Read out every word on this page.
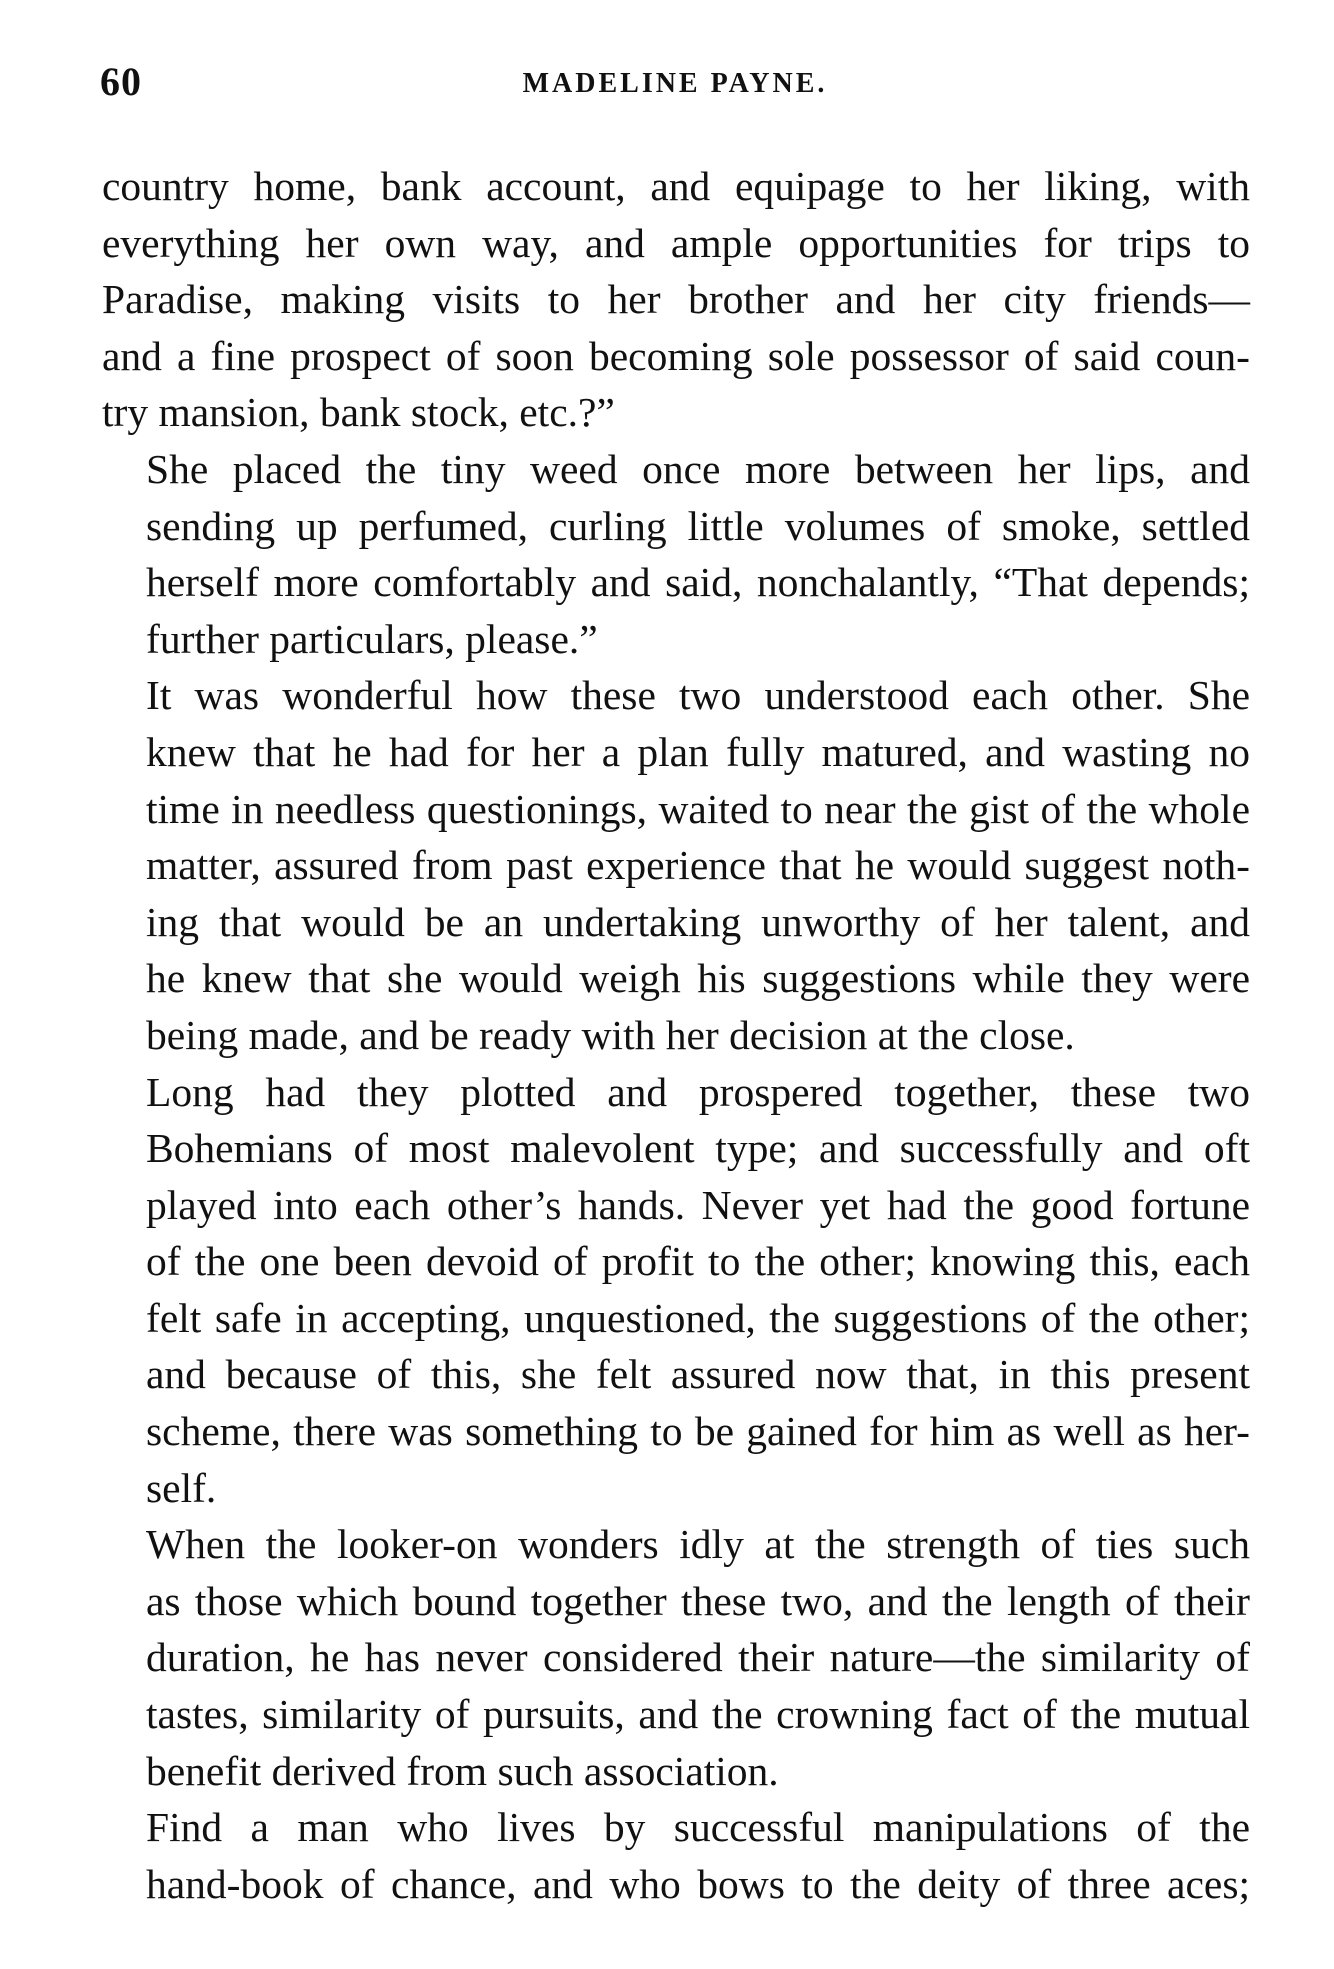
60	MADELINE PAYNE.

country home, bank account, and equipage to her liking, with
everything her own way, and ample opportunities for trips to
Paradise, making visits to her brother and her city friends—
and a fine prospect of soon becoming sole possessor of said coun-
try mansion, bank stock, etc.?”

She placed the tiny weed once more between her lips, and
sending up perfumed, curling little volumes of smoke, settled
herself more comfortably and said, nonchalantly, “That depends;
further particulars, please.”

It was wonderful how these two understood each other. She
knew that he had for her a plan fully matured, and wasting no
time in needless questionings, waited to near the gist of the whole
matter, assured from past experience that he would suggest noth-
ing that would be an undertaking unworthy of her talent, and
he knew that she would weigh his suggestions while they were
being made, and be ready with her decision at the close.

Long had they plotted and prospered together, these two
Bohemians of most malevolent type; and successfully and oft
played into each other’s hands. Never yet had the good fortune
of the one been devoid of profit to the other; knowing this, each
felt safe in accepting, unquestioned, the suggestions of the other;
and because of this, she felt assured now that, in this present
scheme, there was something to be gained for him as well as her-
self.

When the looker-on wonders idly at the strength of ties such
as those which bound together these two, and the length of their
duration, he has never considered their nature—the similarity of
tastes, similarity of pursuits, and the crowning fact of the mutual
benefit derived from such association.

Find a man who lives by successful manipulations of the
hand-book of chance, and who bows to the deity of three aces;
